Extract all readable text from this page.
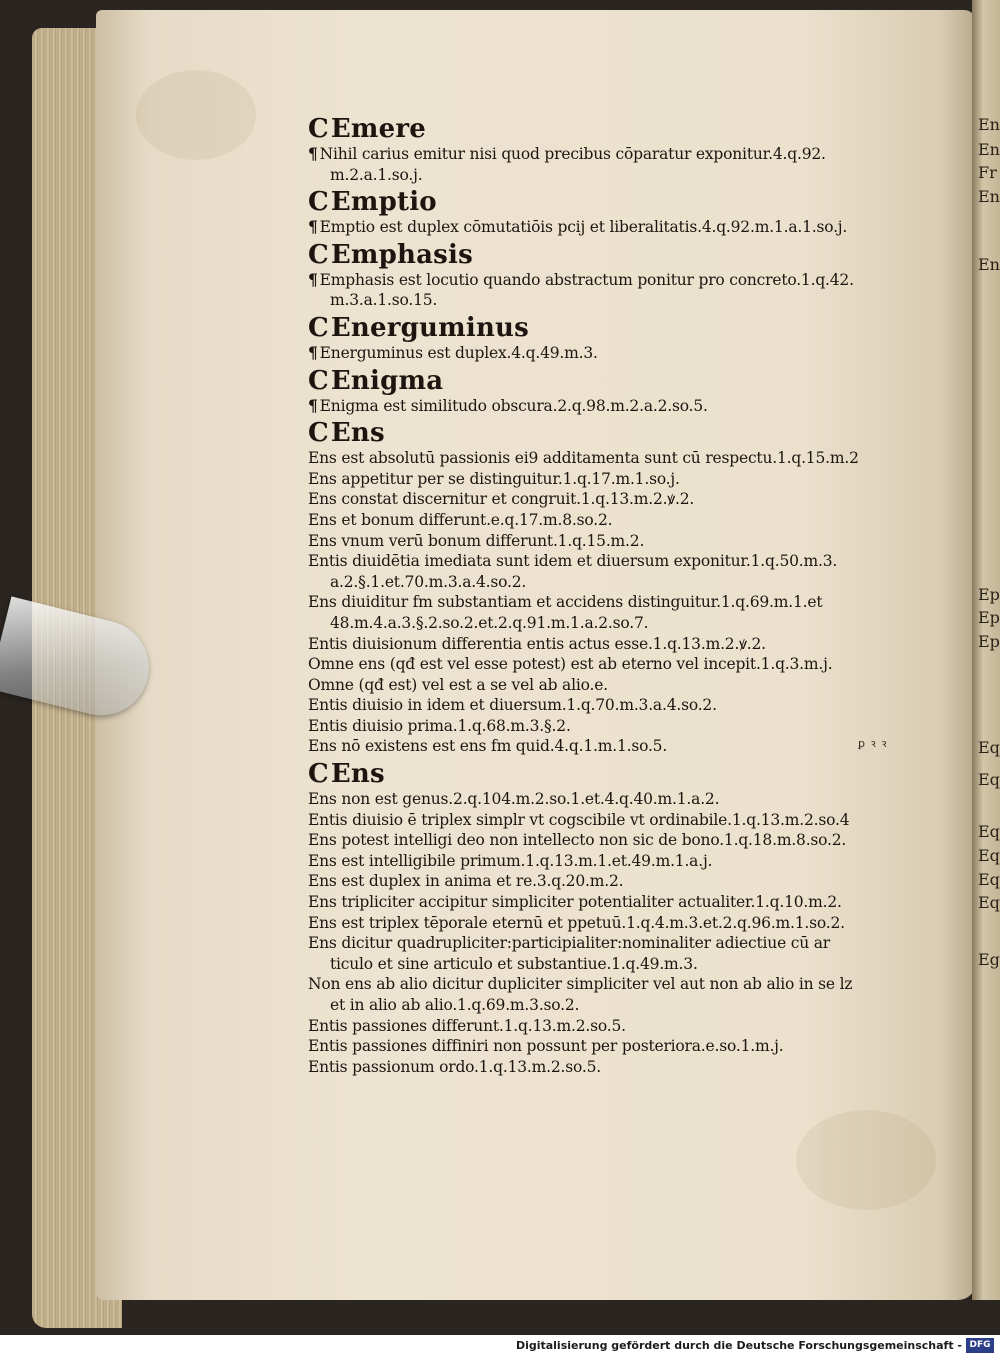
En
En
Fr
En
En
Ep
Ep
Ep
Eq
Eq
Eq
Eq
Eq
Eq
Eg
CEmere
¶ Nihil carius emitur nisi quod precibus cōparatur exponitur.4.q.92.
m.2.a.1.so.j.
CEmptio
¶ Emptio est duplex cōmutatiōis pcij et liberalitatis.4.q.92.m.1.a.1.so.j.
CEmphasis
¶ Emphasis est locutio quando abstractum ponitur pro concreto.1.q.42.
m.3.a.1.so.15.
CEnerguminus
¶ Energuminus est duplex.4.q.49.m.3.
CEnigma
¶ Enigma est similitudo obscura.2.q.98.m.2.a.2.so.5.
CEns
Ens est absolutū passionis ei9 additamenta sunt cū respectu.1.q.15.m.2
Ens appetitur per se distinguitur.1.q.17.m.1.so.j.
Ens constat discernitur et congruit.1.q.13.m.2.ꝟ.2.
Ens et bonum differunt.e.q.17.m.8.so.2.
Ens vnum verū bonum differunt.1.q.15.m.2.
Entis diuidētia imediata sunt idem et diuersum exponitur.1.q.50.m.3.
a.2.§.1.et.70.m.3.a.4.so.2.
Ens diuiditur fm substantiam et accidens distinguitur.1.q.69.m.1.et
48.m.4.a.3.§.2.so.2.et.2.q.91.m.1.a.2.so.7.
Entis diuisionum differentia entis actus esse.1.q.13.m.2.ꝟ.2.
Omne ens (qđ est vel esse potest) est ab eterno vel incepit.1.q.3.m.j.
Omne (qđ est) vel est a se vel ab alio.e.
Entis diuisio in idem et diuersum.1.q.70.m.3.a.4.so.2.
Entis diuisio prima.1.q.68.m.3.§.2.
Ens nō existens est ens fm quid.4.q.1.m.1.so.5.
CEns
Ens non est genus.2.q.104.m.2.so.1.et.4.q.40.m.1.a.2.
Entis diuisio ē triplex simplr vt cogscibile vt ordinabile.1.q.13.m.2.so.4
Ens potest intelligi deo non intellecto non sic de bono.1.q.18.m.8.so.2.
Ens est intelligibile primum.1.q.13.m.1.et.49.m.1.a.j.
Ens est duplex in anima et re.3.q.20.m.2.
Ens tripliciter accipitur simpliciter potentialiter actualiter.1.q.10.m.2.
Ens est triplex tēporale eternū et ppetuū.1.q.4.m.3.et.2.q.96.m.1.so.2.
Ens dicitur quadrupliciter:participialiter:nominaliter adiectiue cū ar
ticulo et sine articulo et substantiue.1.q.49.m.3.
Non ens ab alio dicitur dupliciter simpliciter vel aut non ab alio in se lz
et in alio ab alio.1.q.69.m.3.so.2.
Entis passiones differunt.1.q.13.m.2.so.5.
Entis passiones diffiniri non possunt per posteriora.e.so.1.m.j.
Entis passionum ordo.1.q.13.m.2.so.5.
ꝑ ꝛ ꝛ
Digitalisierung gefördert durch die Deutsche Forschungsgemeinschaft - DFG
